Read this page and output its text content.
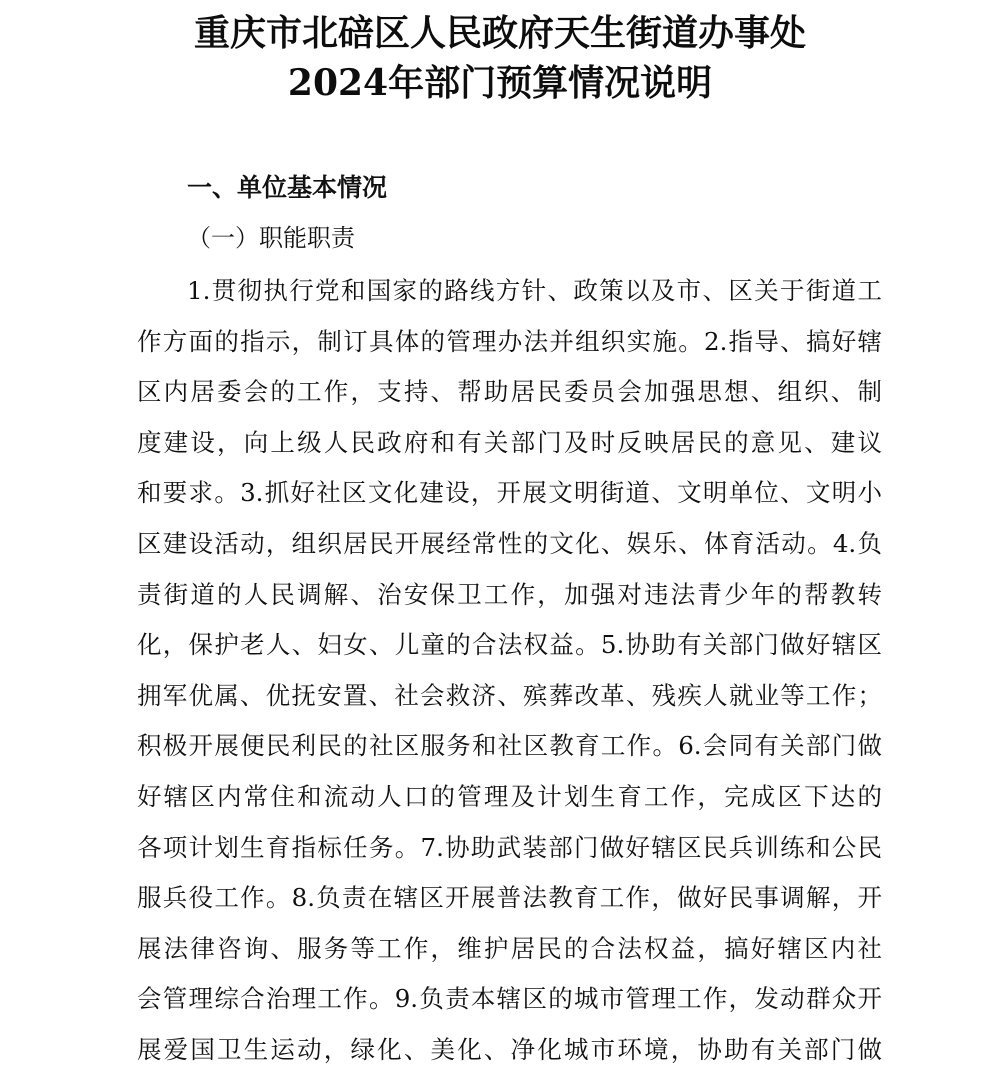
重庆市北碚区人民政府天生街道办事处
2024年部门预算情况说明
一、单位基本情况
（一）职能职责
1.贯彻执行党和国家的路线方针、政策以及市、区关于街道工
作方面的指示，制订具体的管理办法并组织实施。2.指导、搞好辖
区内居委会的工作，支持、帮助居民委员会加强思想、组织、制
度建设，向上级人民政府和有关部门及时反映居民的意见、建议
和要求。3.抓好社区文化建设，开展文明街道、文明单位、文明小
区建设活动，组织居民开展经常性的文化、娱乐、体育活动。4.负
责街道的人民调解、治安保卫工作，加强对违法青少年的帮教转
化，保护老人、妇女、儿童的合法权益。5.协助有关部门做好辖区
拥军优属、优抚安置、社会救济、殡葬改革、残疾人就业等工作；
积极开展便民利民的社区服务和社区教育工作。6.会同有关部门做
好辖区内常住和流动人口的管理及计划生育工作，完成区下达的
各项计划生育指标任务。7.协助武装部门做好辖区民兵训练和公民
服兵役工作。8.负责在辖区开展普法教育工作，做好民事调解，开
展法律咨询、服务等工作，维护居民的合法权益，搞好辖区内社
会管理综合治理工作。9.负责本辖区的城市管理工作，发动群众开
展爱国卫生运动，绿化、美化、净化城市环境，协助有关部门做
